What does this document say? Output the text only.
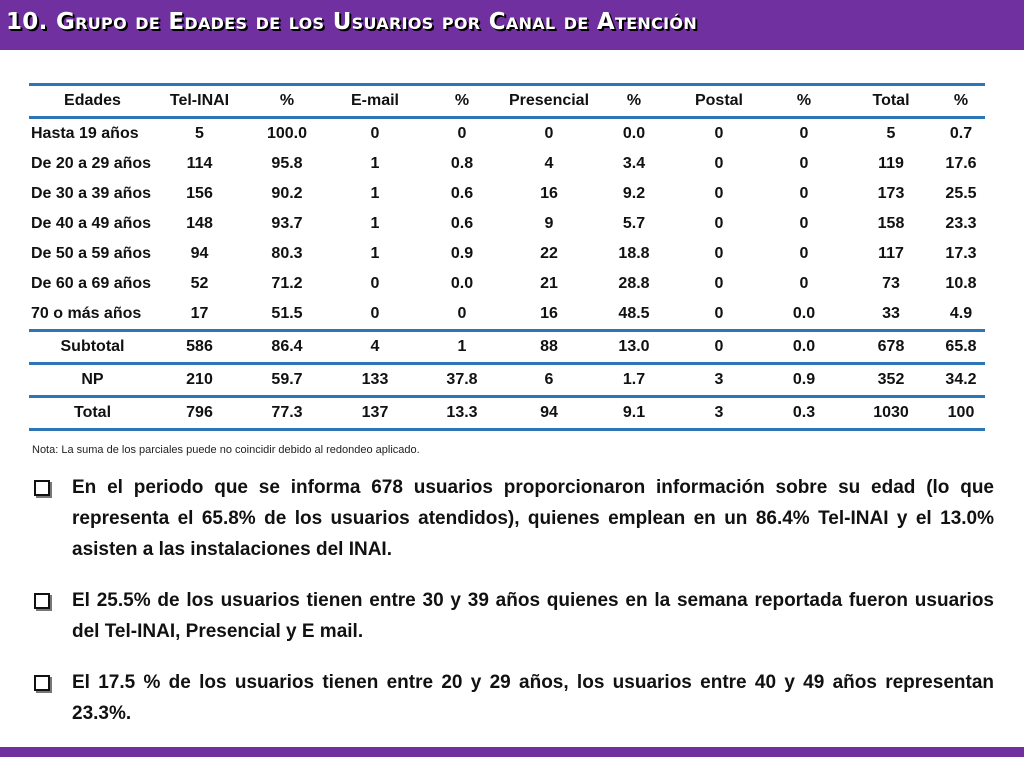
10. Grupo de Edades de los Usuarios por Canal de Atención
Edades	Tel-INAI	%	E-mail	%	Presencial	%	Postal	%	Total	%
Hasta 19 años	5	100.0	0	0	0	0.0	0	0	5	0.7
De 20 a 29 años	114	95.8	1	0.8	4	3.4	0	0	119	17.6
De 30 a 39 años	156	90.2	1	0.6	16	9.2	0	0	173	25.5
De 40 a 49 años	148	93.7	1	0.6	9	5.7	0	0	158	23.3
De 50 a 59 años	94	80.3	1	0.9	22	18.8	0	0	117	17.3
De 60 a 69 años	52	71.2	0	0.0	21	28.8	0	0	73	10.8
70 o más años	17	51.5	0	0	16	48.5	0	0.0	33	4.9
Subtotal	586	86.4	4	1	88	13.0	0	0.0	678	65.8
NP	210	59.7	133	37.8	6	1.7	3	0.9	352	34.2
Total	796	77.3	137	13.3	94	9.1	3	0.3	1030	100
Nota: La suma de los parciales puede no coincidir debido al redondeo aplicado.
En el periodo que se informa 678 usuarios proporcionaron información sobre su edad (lo que representa el 65.8% de los usuarios atendidos), quienes emplean en un 86.4% Tel-INAI y el 13.0% asisten a las instalaciones del INAI.
El 25.5% de los usuarios tienen entre 30 y 39 años quienes en la semana reportada fueron usuarios del Tel-INAI, Presencial y E mail.
El 17.5 % de los usuarios tienen entre 20 y 29 años, los usuarios entre 40 y 49 años representan 23.3%.
